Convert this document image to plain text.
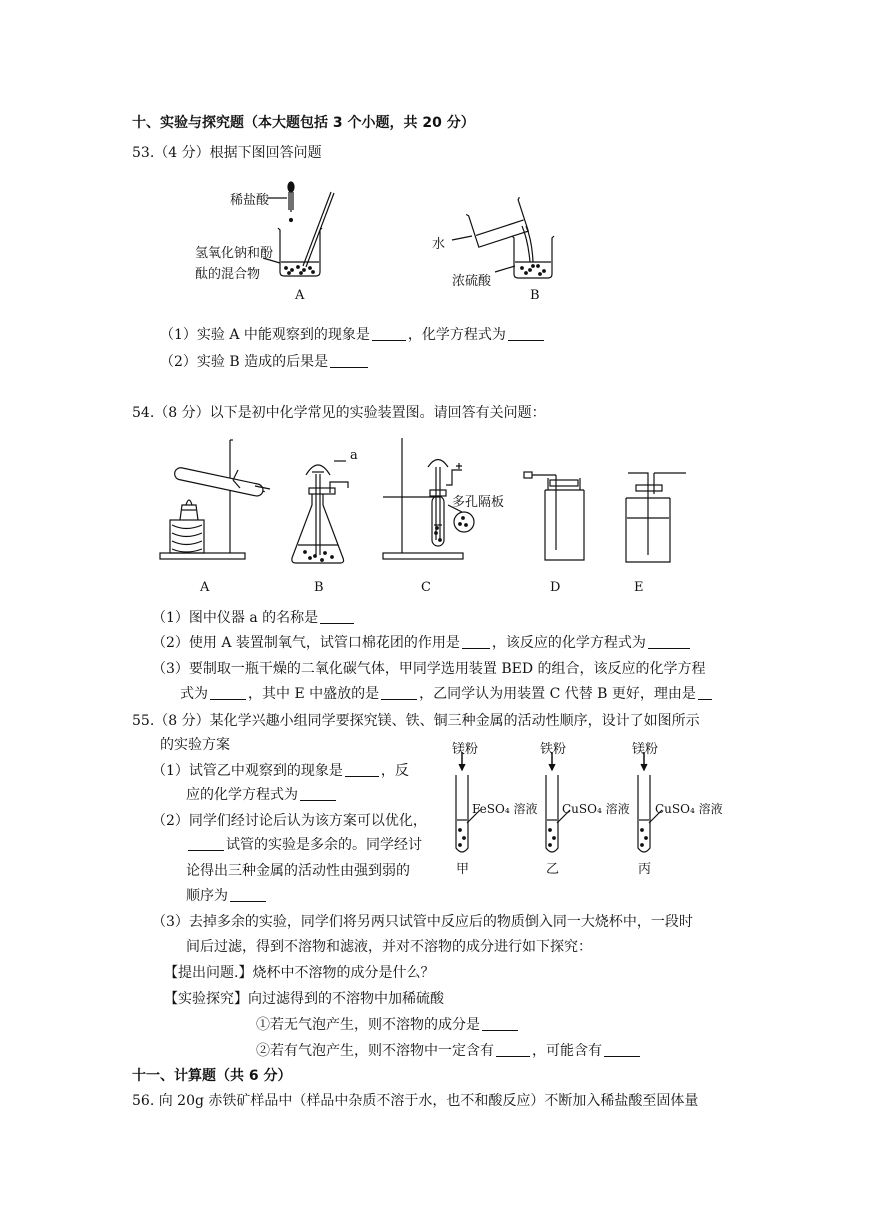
十、实验与探究题（本大题包括 3 个小题，共 20 分）
53.（4 分）根据下图回答问题
稀盐酸
氢氧化钠和酚
酞的混合物
A
水
浓硫酸
B
（1）实验 A 中能观察到的现象是	，化学方程式为
（2）实验 B 造成的后果是
54.（8 分）以下是初中化学常见的实验装置图。请回答有关问题：
a
多孔隔板
A	B	C	D	E
（1）图中仪器 a 的名称是
（2）使用 A 装置制氧气，试管口棉花团的作用是 ，该反应的化学方程式为
（3）要制取一瓶干燥的二氧化碳气体，甲同学选用装置 BED 的组合，该反应的化学方程
式为	，其中 E 中盛放的是	，乙同学认为用装置 C 代替 B 更好，理由是
55.（8 分）某化学兴趣小组同学要探究镁、铁、铜三种金属的活动性顺序，设计了如图所示
的实验方案
（1）试管乙中观察到的现象是	，反
应的化学方程式为
（2）同学们经讨论后认为该方案可以优化，
试管的实验是多余的。同学经讨
论得出三种金属的活动性由强到弱的
顺序为
镁粉	铁粉	镁粉
FeSO₄ 溶液 CuSO₄ 溶液 CuSO₄ 溶液
甲	乙	丙
（3）去掉多余的实验，同学们将另两只试管中反应后的物质倒入同一大烧杯中，一段时
间后过滤，得到不溶物和滤液，并对不溶物的成分进行如下探究：
【提出问题.】烧杯中不溶物的成分是什么？
【实验探究】向过滤得到的不溶物中加稀硫酸
①若无气泡产生，则不溶物的成分是
②若有气泡产生，则不溶物中一定含有	，可能含有
十一、计算题（共 6 分）
56. 向 20g 赤铁矿样品中（样品中杂质不溶于水，也不和酸反应）不断加入稀盐酸至固体量
